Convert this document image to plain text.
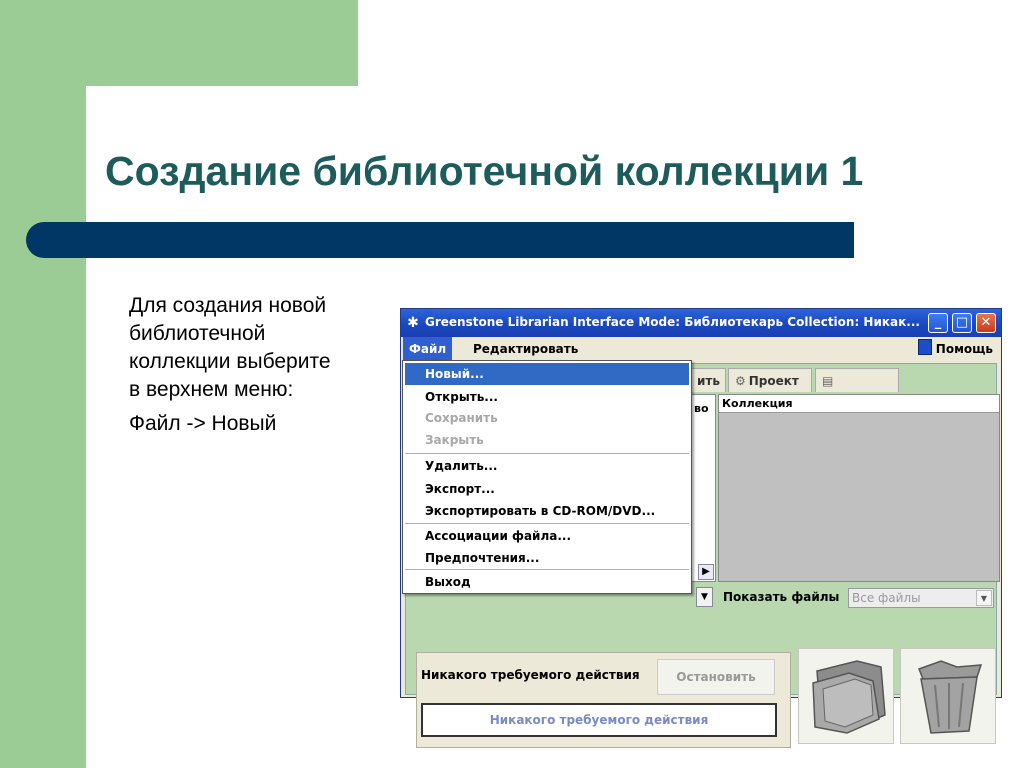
Создание библиотечной коллекции 1
Для создания новой
библиотечной
коллекции выберите
в верхнем меню:
Файл -> Новый
✱ Greenstone Librarian Interface Mode: Библиотекарь Collection: Никак...	_	□ ✕
Файл	Редактировать	Помощь
ить	⚙ Проект	▤
▶
во
▼
Коллекция
Показать файлы	Все файлы	▼
Никакого требуемого действия	Остановить
Никакого требуемого действия
Новый...
Открыть...
Сохранить
Закрыть
Удалить...
Экспорт...
Экспортировать в CD-ROM/DVD...
Ассоциации файла...
Предпочтения...
Выход
